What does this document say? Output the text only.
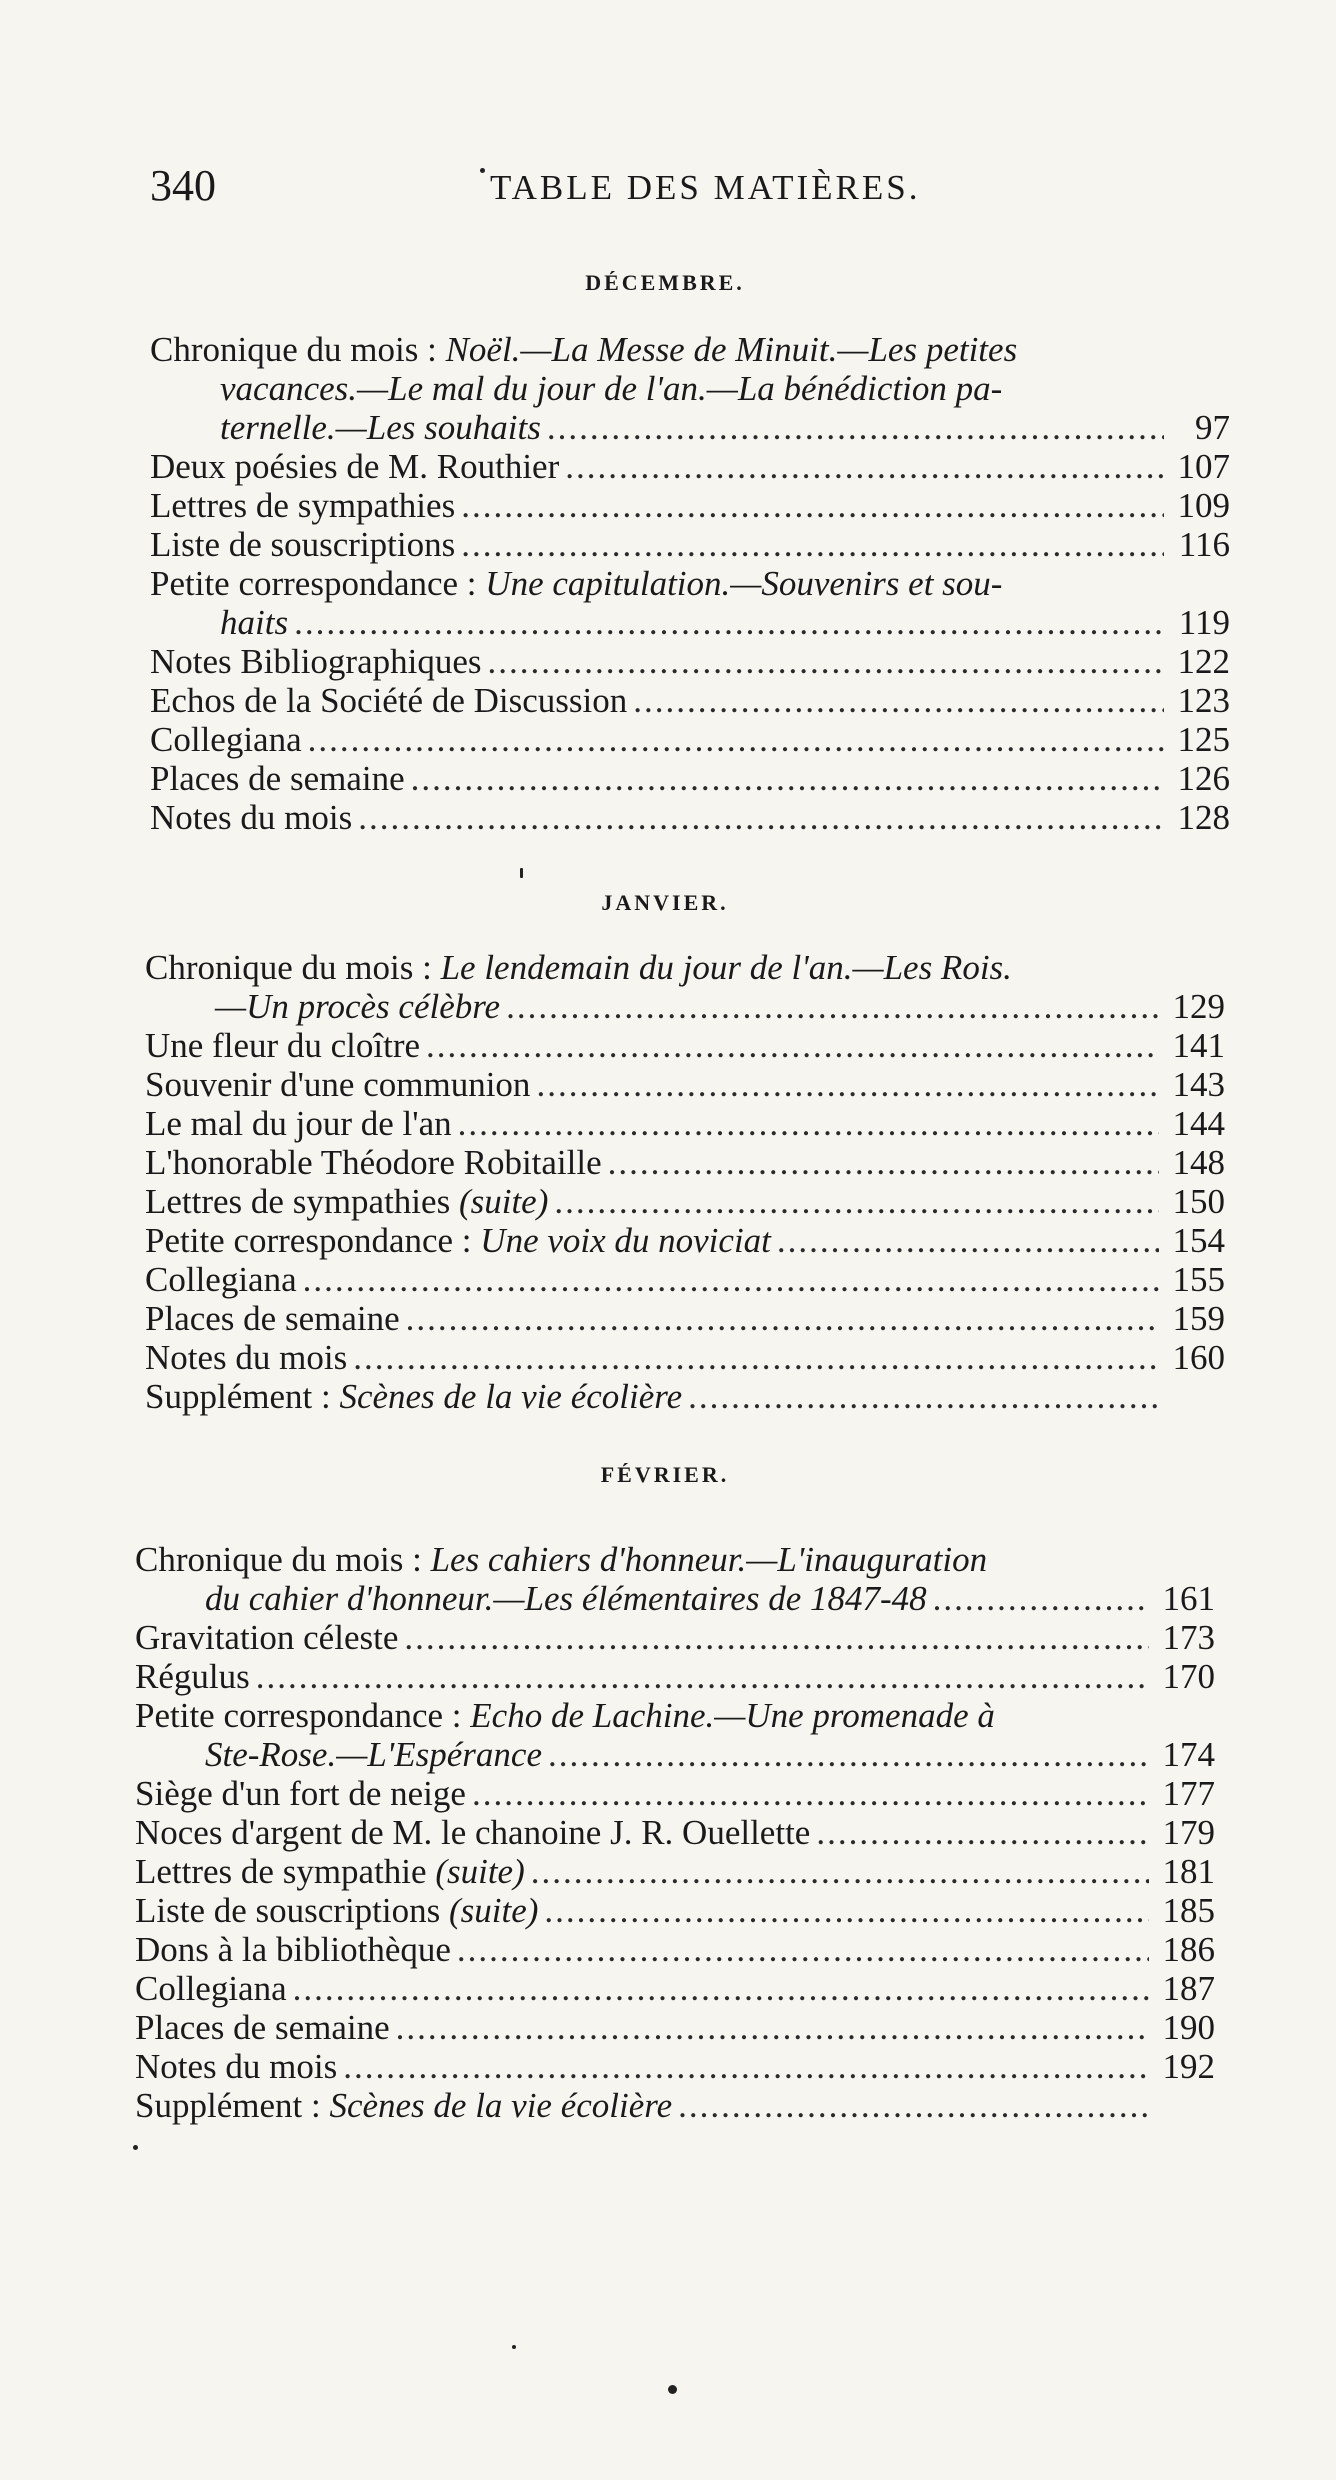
340	TABLE DES MATIÈRES.
DÉCEMBRE.
Chronique du mois : Noël.—La Messe de Minuit.—Les petites
vacances.—Le mal du jour de l'an.—La bénédiction pa-
ternelle.—Les souhaits .....	97
Deux poésies de M. Routhier .....	107
Lettres de sympathies .....	109
Liste de souscriptions .....	116
Petite correspondance : Une capitulation.—Souvenirs et sou-
haits .....	119
Notes Bibliographiques .....	122
Echos de la Société de Discussion .....	123
Collegiana .....	125
Places de semaine .....	126
Notes du mois .....	128
JANVIER.
Chronique du mois : Le lendemain du jour de l'an.—Les Rois.
—Un procès célèbre .....	129
Une fleur du cloître .....	141
Souvenir d'une communion .....	143
Le mal du jour de l'an .....	144
L'honorable Théodore Robitaille .....	148
Lettres de sympathies (suite) .....	150
Petite correspondance : Une voix du noviciat .....	154
Collegiana .....	155
Places de semaine .....	159
Notes du mois .....	160
Supplément : Scènes de la vie écolière
.....
FÉVRIER.
Chronique du mois : Les cahiers d'honneur.—L'inauguration
du cahier d'honneur.—Les élémentaires de 1847-48 .....	161
Gravitation céleste .....	173
Régulus .....	170
Petite correspondance : Echo de Lachine.—Une promenade à
Ste-Rose.—L'Espérance .....	174
Siège d'un fort de neige .....	177
Noces d'argent de M. le chanoine J. R. Ouellette .....	179
Lettres de sympathie (suite) .....	181
Liste de souscriptions (suite) .....	185
Dons à la bibliothèque .....	186
Collegiana .....	187
Places de semaine .....	190
Notes du mois .....	192
Supplément : Scènes de la vie écolière
.....
